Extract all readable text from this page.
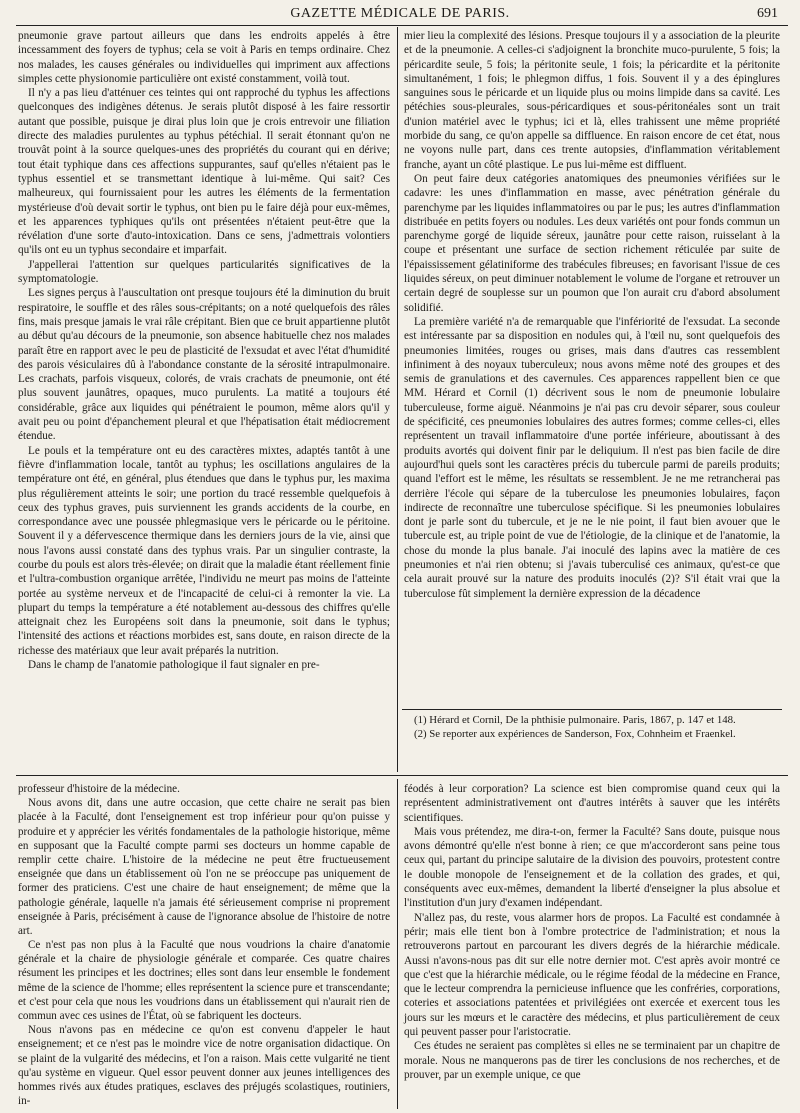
GAZETTE MÉDICALE DE PARIS.	691

pneumonie grave partout ailleurs que dans les endroits appelés à être incessamment des foyers de typhus; cela se voit à Paris en temps ordinaire. Chez nos malades, les causes générales ou individuelles qui impriment aux affections simples cette physionomie particulière ont existé constamment, voilà tout.

Il n'y a pas lieu d'atténuer ces teintes qui ont rapproché du typhus les affections quelconques des indigènes détenus. Je serais plutôt disposé à les faire ressortir autant que possible, puisque je dirai plus loin que je crois entrevoir une filiation directe des maladies purulentes au typhus pétéchial. Il serait étonnant qu'on ne trouvât point à la source quelques-unes des propriétés du courant qui en dérive; tout était typhique dans ces affections suppurantes, sauf qu'elles n'étaient pas le typhus essentiel et se transmettant identique à lui-même. Qui sait? Ces malheureux, qui fournissaient pour les autres les éléments de la fermentation mystérieuse d'où devait sortir le typhus, ont bien pu le faire déjà pour eux-mêmes, et les apparences typhiques qu'ils ont présentées n'étaient peut-être que la révélation d'une sorte d'auto-intoxication. Dans ce sens, j'admettrais volontiers qu'ils ont eu un typhus secondaire et imparfait.

J'appellerai l'attention sur quelques particularités significatives de la symptomatologie.

Les signes perçus à l'auscultation ont presque toujours été la diminution du bruit respiratoire, le souffle et des râles sous-crépitants; on a noté quelquefois des râles fins, mais presque jamais le vrai râle crépitant. Bien que ce bruit appartienne plutôt au début qu'au décours de la pneumonie, son absence habituelle chez nos malades paraît être en rapport avec le peu de plasticité de l'exsudat et avec l'état d'humidité des parois vésiculaires dû à l'abondance constante de la sérosité intrapulmonaire. Les crachats, parfois visqueux, colorés, de vrais crachats de pneumonie, ont été plus souvent jaunâtres, opaques, muco purulents. La matité a toujours été considérable, grâce aux liquides qui pénétraient le poumon, même alors qu'il y avait peu ou point d'épanchement pleural et que l'hépatisation était médiocrement étendue.

Le pouls et la température ont eu des caractères mixtes, adaptés tantôt à une fièvre d'inflammation locale, tantôt au typhus; les oscillations angulaires de la température ont été, en général, plus étendues que dans le typhus pur, les maxima plus régulièrement atteints le soir; une portion du tracé ressemble quelquefois à ceux des typhus graves, puis surviennent les grands accidents de la courbe, en correspondance avec une poussée phlegmasique vers le péricarde ou le péritoine. Souvent il y a défervescence thermique dans les derniers jours de la vie, ainsi que nous l'avons aussi constaté dans des typhus vrais. Par un singulier contraste, la courbe du pouls est alors très-élevée; on dirait que la maladie étant réellement finie et l'ultra-combustion organique arrêtée, l'individu ne meurt pas moins de l'atteinte portée au système nerveux et de l'incapacité de celui-ci à remonter la vie. La plupart du temps la température a été notablement au-dessous des chiffres qu'elle atteignait chez les Européens soit dans la pneumonie, soit dans le typhus; l'intensité des actions et réactions morbides est, sans doute, en raison directe de la richesse des matériaux que leur avait préparés la nutrition.

Dans le champ de l'anatomie pathologique il faut signaler en pre-

mier lieu la complexité des lésions. Presque toujours il y a association de la pleurite et de la pneumonie. A celles-ci s'adjoignent la bronchite muco-purulente, 5 fois; la péricardite seule, 5 fois; la péritonite seule, 1 fois; la péricardite et la péritonite simultanément, 1 fois; le phlegmon diffus, 1 fois. Souvent il y a des épinglures sanguines sous le péricarde et un liquide plus ou moins limpide dans sa cavité. Les pétéchies sous-pleurales, sous-péricardiques et sous-péritonéales sont un trait d'union matériel avec le typhus; ici et là, elles trahissent une même propriété morbide du sang, ce qu'on appelle sa diffluence. En raison encore de cet état, nous ne voyons nulle part, dans ces trente autopsies, d'inflammation véritablement franche, ayant un côté plastique. Le pus lui-même est diffluent.

On peut faire deux catégories anatomiques des pneumonies vérifiées sur le cadavre: les unes d'inflammation en masse, avec pénétration générale du parenchyme par les liquides inflammatoires ou par le pus; les autres d'inflammation distribuée en petits foyers ou nodules. Les deux variétés ont pour fonds commun un parenchyme gorgé de liquide séreux, jaunâtre pour cette raison, ruisselant à la coupe et présentant une surface de section richement réticulée par suite de l'épaississement gélatiniforme des trabécules fibreuses; en favorisant l'issue de ces liquides séreux, on peut diminuer notablement le volume de l'organe et retrouver un certain degré de souplesse sur un poumon que l'on aurait cru d'abord absolument solidifié.

La première variété n'a de remarquable que l'infériorité de l'exsudat. La seconde est intéressante par sa disposition en nodules qui, à l'œil nu, sont quelquefois des pneumonies limitées, rouges ou grises, mais dans d'autres cas ressemblent infiniment à des noyaux tuberculeux; nous avons même noté des groupes et des semis de granulations et des cavernules. Ces apparences rappellent bien ce que MM. Hérard et Cornil (1) décrivent sous le nom de pneumonie lobulaire tuberculeuse, forme aiguë. Néanmoins je n'ai pas cru devoir séparer, sous couleur de spécificité, ces pneumonies lobulaires des autres formes; comme celles-ci, elles représentent un travail inflammatoire d'une portée inférieure, aboutissant à des produits avortés qui doivent finir par le deliquium. Il n'est pas bien facile de dire aujourd'hui quels sont les caractères précis du tubercule parmi de pareils produits; quand l'effort est le même, les résultats se ressemblent. Je ne me retrancherai pas derrière l'école qui sépare de la tuberculose les pneumonies lobulaires, façon indirecte de reconnaître une tuberculose spécifique. Si les pneumonies lobulaires dont je parle sont du tubercule, et je ne le nie point, il faut bien avouer que le tubercule est, au triple point de vue de l'étiologie, de la clinique et de l'anatomie, la chose du monde la plus banale. J'ai inoculé des lapins avec la matière de ces pneumonies et n'ai rien obtenu; si j'avais tuberculisé ces animaux, qu'est-ce que cela aurait prouvé sur la nature des produits inoculés (2)? S'il était vrai que la tuberculose fût simplement la dernière expression de la décadence

(1) Hérard et Cornil, De la phthisie pulmonaire. Paris, 1867, p. 147 et 148.

(2) Se reporter aux expériences de Sanderson, Fox, Cohnheim et Fraenkel.

professeur d'histoire de la médecine.

Nous avons dit, dans une autre occasion, que cette chaire ne serait pas bien placée à la Faculté, dont l'enseignement est trop inférieur pour qu'on puisse y produire et y apprécier les vérités fondamentales de la pathologie historique, même en supposant que la Faculté compte parmi ses docteurs un homme capable de remplir cette chaire. L'histoire de la médecine ne peut être fructueusement enseignée que dans un établissement où l'on ne se préoccupe pas uniquement de former des praticiens. C'est une chaire de haut enseignement; de même que la pathologie générale, laquelle n'a jamais été sérieusement comprise ni proprement enseignée à Paris, précisément à cause de l'ignorance absolue de l'histoire de notre art.

Ce n'est pas non plus à la Faculté que nous voudrions la chaire d'anatomie générale et la chaire de physiologie générale et comparée. Ces quatre chaires résument les principes et les doctrines; elles sont dans leur ensemble le fondement même de la science de l'homme; elles représentent la science pure et transcendante; et c'est pour cela que nous les voudrions dans un établissement qui n'aurait rien de commun avec ces usines de l'État, où se fabriquent les docteurs.

Nous n'avons pas en médecine ce qu'on est convenu d'appeler le haut enseignement; et ce n'est pas le moindre vice de notre organisation didactique. On se plaint de la vulgarité des médecins, et l'on a raison. Mais cette vulgarité ne tient qu'au système en vigueur. Quel essor peuvent donner aux jeunes intelligences des hommes rivés aux études pratiques, esclaves des préjugés scolastiques, routiniers, in-

féodés à leur corporation? La science est bien compromise quand ceux qui la représentent administrativement ont d'autres intérêts à sauver que les intérêts scientifiques.

Mais vous prétendez, me dira-t-on, fermer la Faculté? Sans doute, puisque nous avons démontré qu'elle n'est bonne à rien; ce que m'accorderont sans peine tous ceux qui, partant du principe salutaire de la division des pouvoirs, protestent contre le double monopole de l'enseignement et de la collation des grades, et qui, conséquents avec eux-mêmes, demandent la liberté d'enseigner la plus absolue et l'institution d'un jury d'examen indépendant.

N'allez pas, du reste, vous alarmer hors de propos. La Faculté est condamnée à périr; mais elle tient bon à l'ombre protectrice de l'administration; et nous la retrouverons partout en parcourant les divers degrés de la hiérarchie médicale. Aussi n'avons-nous pas dit sur elle notre dernier mot. C'est après avoir montré ce que c'est que la hiérarchie médicale, ou le régime féodal de la médecine en France, que le lecteur comprendra la pernicieuse influence que les confréries, corporations, coteries et associations patentées et privilégiées ont exercée et exercent tous les jours sur les mœurs et le caractère des médecins, et plus particulièrement de ceux qui peuvent passer pour l'aristocratie.

Ces études ne seraient pas complètes si elles ne se terminaient par un chapitre de morale. Nous ne manquerons pas de tirer les conclusions de nos recherches, et de prouver, par un exemple unique, ce que
